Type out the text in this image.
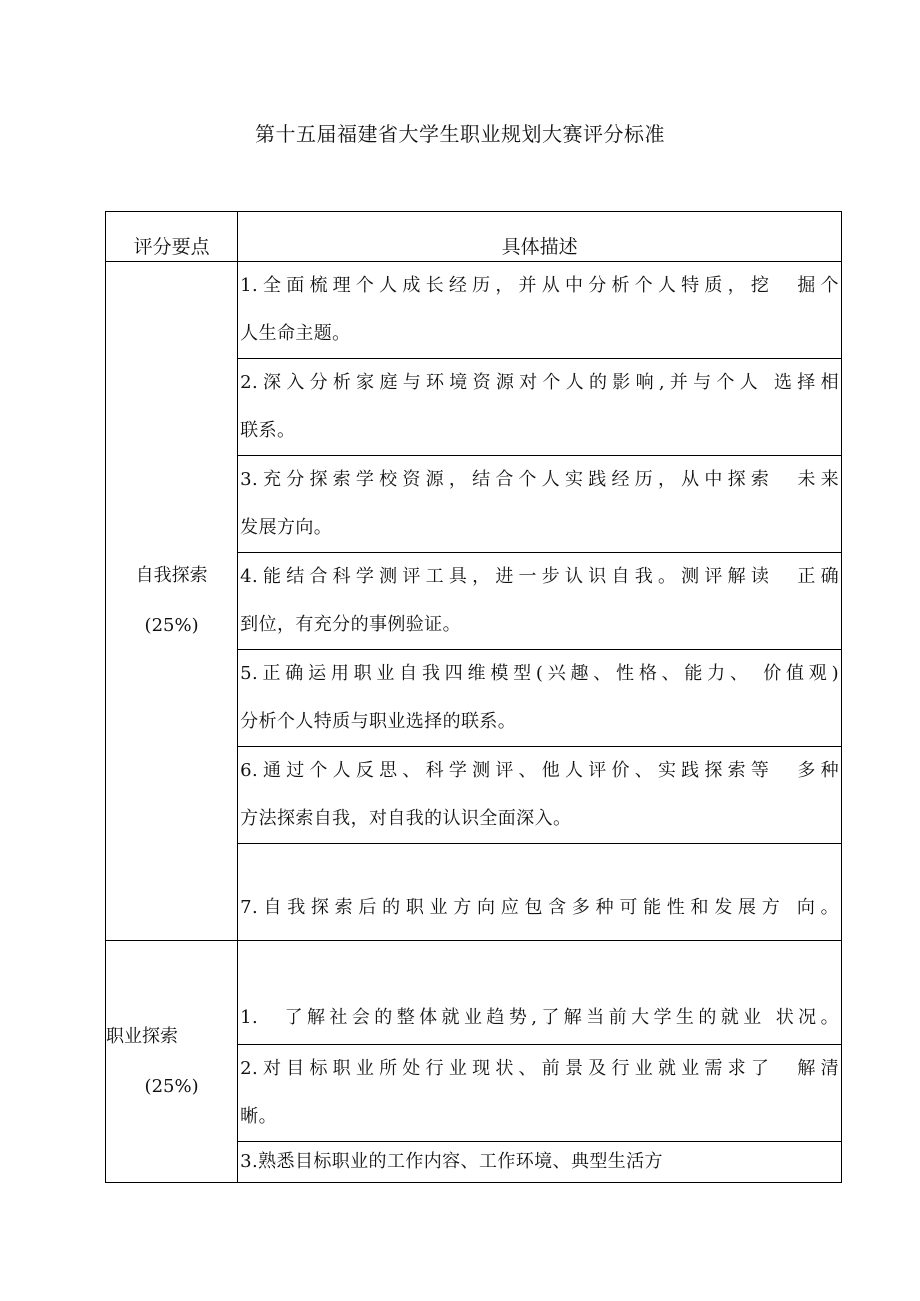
第十五届福建省大学生职业规划大赛评分标准
评分要点	具体描述

自我探索
(25%)	1.全面梳理个人成长经历，并从中分析个人特质，挖　掘个
人生命主题。

	2.深入分析家庭与环境资源对个人的影响,并与个人 选择相
联系。

	3.充分探索学校资源，结合个人实践经历，从中探索　未来
发展方向。

	4.能结合科学测评工具，进一步认识自我。测评解读　正确
到位，有充分的事例验证。

	5.正确运用职业自我四维模型(兴趣、性格、能力、 价值观)
分析个人特质与职业选择的联系。

	6.通过个人反思、科学测评、他人评价、实践探索等　多种
方法探索自我，对自我的认识全面深入。

	7.自我探索后的职业方向应包含多种可能性和发展方 向。

职业探索
(25%)	1.　了解社会的整体就业趋势,了解当前大学生的就业 状况。

	2.对目标职业所处行业现状、前景及行业就业需求了　解清
晰。

	3.熟悉目标职业的工作内容、工作环境、典型生活方
